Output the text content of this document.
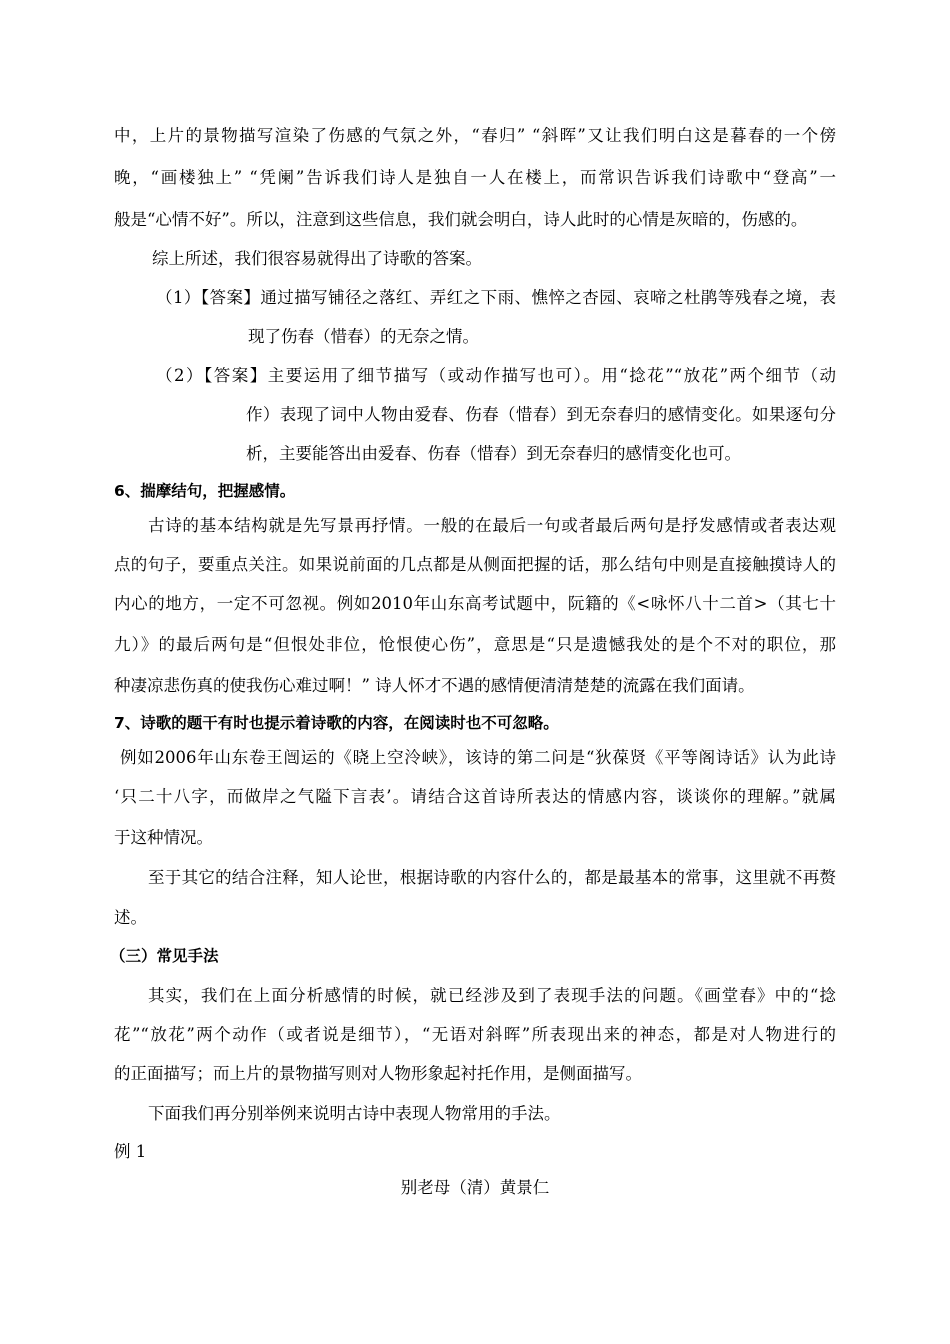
中，上片的景物描写渲染了伤感的气氛之外，“春归” “斜晖”又让我们明白这是暮春的一个傍
晚，“画楼独上” “凭阑”告诉我们诗人是独自一人在楼上，而常识告诉我们诗歌中“登高”一
般是“心情不好”。所以，注意到这些信息，我们就会明白，诗人此时的心情是灰暗的，伤感的。
综上所述，我们很容易就得出了诗歌的答案。
（1）【答案】通过描写铺径之落红、弄红之下雨、憔悴之杏园、哀啼之杜鹃等残春之境，表
现了伤春（惜春）的无奈之情。
（2）【答案】主要运用了细节描写（或动作描写也可）。用“捻花”“放花”两个细节（动
作）表现了词中人物由爱春、伤春（惜春）到无奈春归的感情变化。如果逐句分
析，主要能答出由爱春、伤春（惜春）到无奈春归的感情变化也可。
6、揣摩结句，把握感情。
古诗的基本结构就是先写景再抒情。一般的在最后一句或者最后两句是抒发感情或者表达观
点的句子，要重点关注。如果说前面的几点都是从侧面把握的话，那么结句中则是直接触摸诗人的
内心的地方，一定不可忽视。例如2010年山东高考试题中，阮籍的《<咏怀八十二首>（其七十
九）》的最后两句是“但恨处非位，怆恨使心伤”，意思是“只是遗憾我处的是个不对的职位，那
种凄凉悲伤真的使我伤心难过啊！” 诗人怀才不遇的感情便清清楚楚的流露在我们面请。
7、诗歌的题干有时也提示着诗歌的内容，在阅读时也不可忽略。
例如2006年山东卷王闿运的《晓上空泠峡》，该诗的第二问是“狄葆贤《平等阁诗话》认为此诗
‘只二十八字，而做岸之气隘下言表’。请结合这首诗所表达的情感内容，谈谈你的理解。”就属
于这种情况。
至于其它的结合注释，知人论世，根据诗歌的内容什么的，都是最基本的常事，这里就不再赘
述。
（三）常见手法
其实，我们在上面分析感情的时候，就已经涉及到了表现手法的问题。《画堂春》中的“捻
花”“放花”两个动作（或者说是细节），“无语对斜晖”所表现出来的神态，都是对人物进行的
的正面描写；而上片的景物描写则对人物形象起衬托作用，是侧面描写。
下面我们再分别举例来说明古诗中表现人物常用的手法。
例 1
别老母（清）黄景仁
